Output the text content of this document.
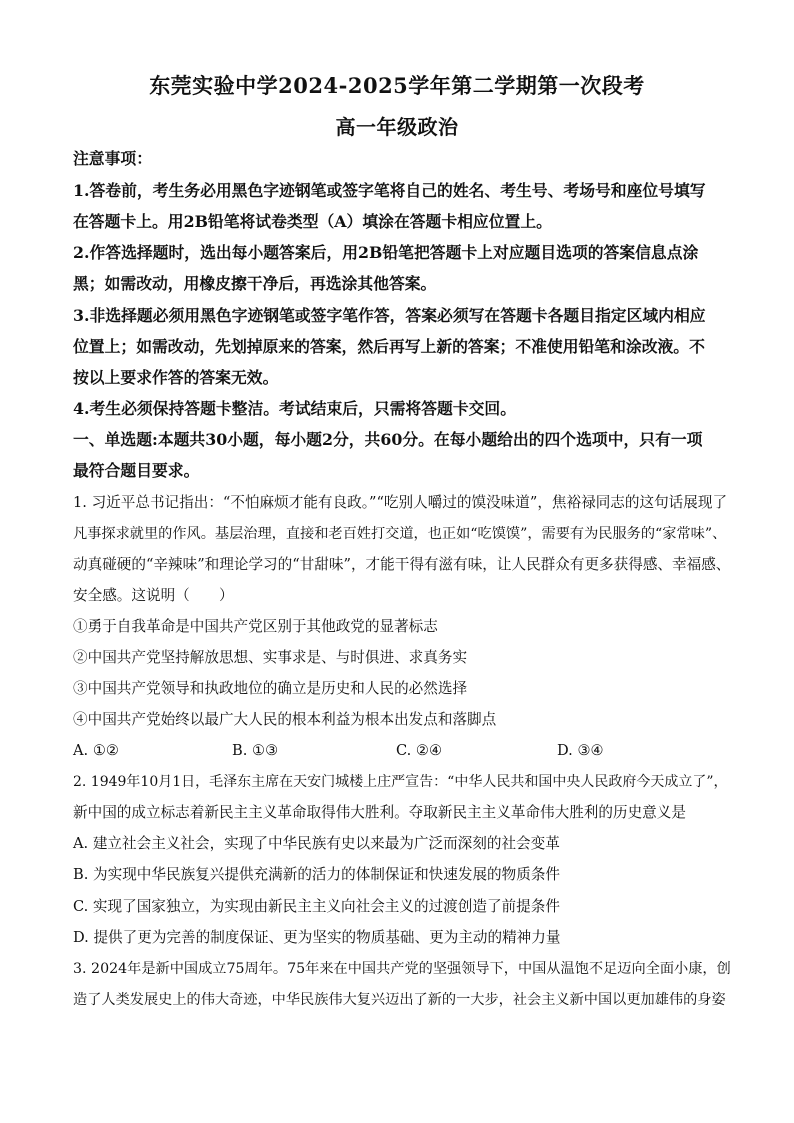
东莞实验中学2024-2025学年第二学期第一次段考
高一年级政治
注意事项：
1.答卷前，考生务必用黑色字迹钢笔或签字笔将自己的姓名、考生号、考场号和座位号填写
在答题卡上。用2B铅笔将试卷类型（A）填涂在答题卡相应位置上。
2.作答选择题时，选出每小题答案后，用2B铅笔把答题卡上对应题目选项的答案信息点涂
黑；如需改动，用橡皮擦干净后，再选涂其他答案。
3.非选择题必须用黑色字迹钢笔或签字笔作答，答案必须写在答题卡各题目指定区域内相应
位置上；如需改动，先划掉原来的答案，然后再写上新的答案；不准使用铅笔和涂改液。不
按以上要求作答的答案无效。
4.考生必须保持答题卡整洁。考试结束后，只需将答题卡交回。
一、单选题:本题共30小题，每小题2分，共60分。在每小题给出的四个选项中，只有一项
最符合题目要求。
1. 习近平总书记指出：“不怕麻烦才能有良政。”“吃别人嚼过的馍没味道”，焦裕禄同志的这句话展现了
凡事探求就里的作风。基层治理，直接和老百姓打交道，也正如“吃馍馍”，需要有为民服务的“家常味”、
动真碰硬的“辛辣味”和理论学习的“甘甜味”，才能干得有滋有味，让人民群众有更多获得感、幸福感、
安全感。这说明（　　）
①勇于自我革命是中国共产党区别于其他政党的显著标志
②中国共产党坚持解放思想、实事求是、与时俱进、求真务实
③中国共产党领导和执政地位的确立是历史和人民的必然选择
④中国共产党始终以最广大人民的根本利益为根本出发点和落脚点
A. ①②	B. ①③	C. ②④	D. ③④
2. 1949年10月1日，毛泽东主席在天安门城楼上庄严宣告：“中华人民共和国中央人民政府今天成立了”，
新中国的成立标志着新民主主义革命取得伟大胜利。夺取新民主主义革命伟大胜利的历史意义是
A. 建立社会主义社会，实现了中华民族有史以来最为广泛而深刻的社会变革
B. 为实现中华民族复兴提供充满新的活力的体制保证和快速发展的物质条件
C. 实现了国家独立，为实现由新民主主义向社会主义的过渡创造了前提条件
D. 提供了更为完善的制度保证、更为坚实的物质基础、更为主动的精神力量
3. 2024年是新中国成立75周年。75年来在中国共产党的坚强领导下，中国从温饱不足迈向全面小康，创
造了人类发展史上的伟大奇迹，中华民族伟大复兴迈出了新的一大步，社会主义新中国以更加雄伟的身姿
